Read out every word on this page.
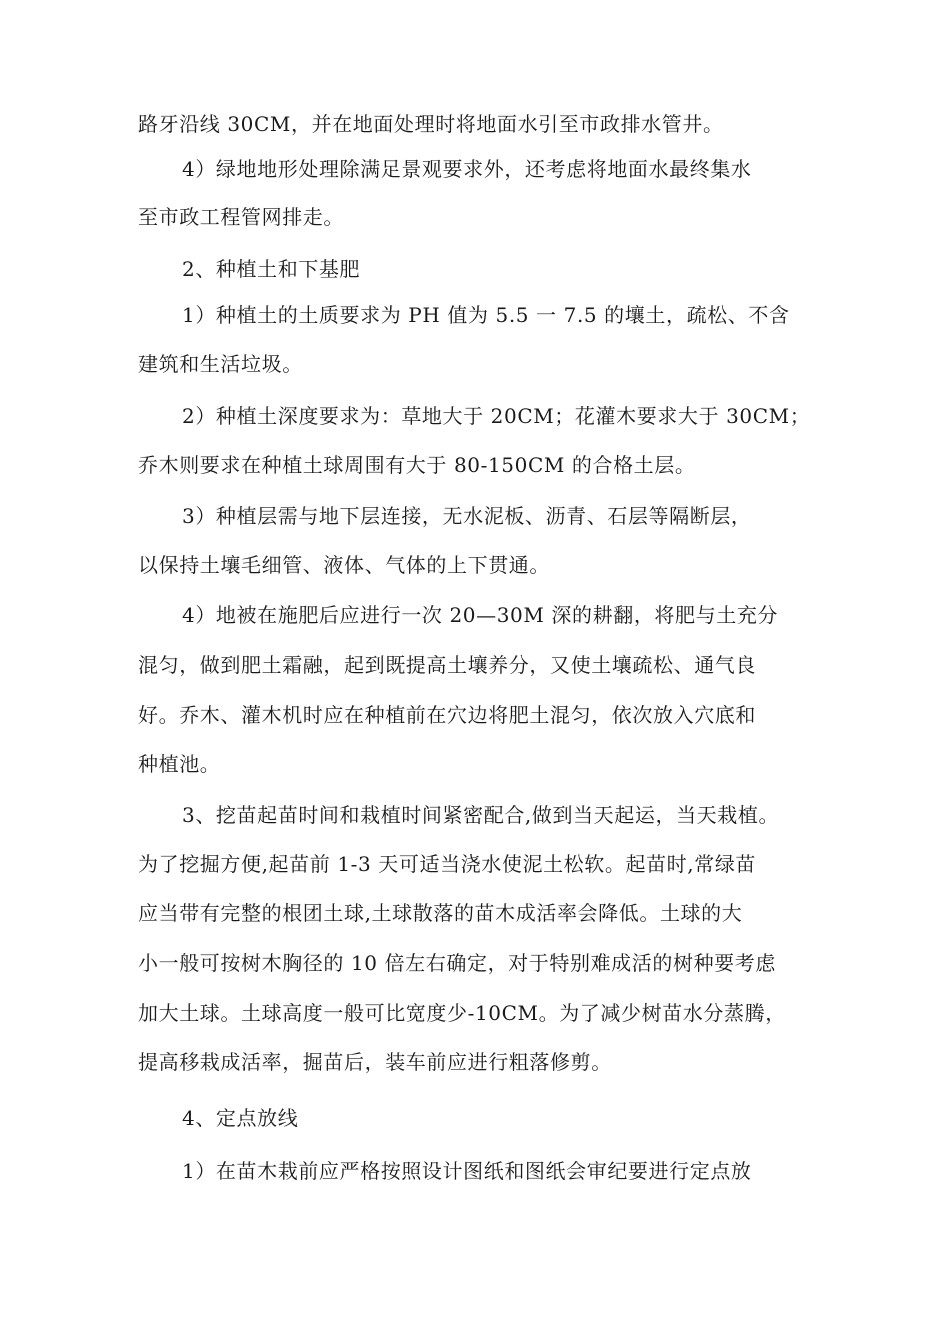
路牙沿线 30CM，并在地面处理时将地面水引至市政排水管井。
4）绿地地形处理除满足景观要求外，还考虑将地面水最终集水
至市政工程管网排走。
2、种植土和下基肥
1）种植土的土质要求为 PH 值为 5.5 一 7.5 的壤土，疏松、不含
建筑和生活垃圾。
2）种植土深度要求为：草地大于 20CM；花灌木要求大于 30CM；
乔木则要求在种植土球周围有大于 80-150CM 的合格土层。
3）种植层需与地下层连接，无水泥板、沥青、石层等隔断层，
以保持土壤毛细管、液体、气体的上下贯通。
4）地被在施肥后应进行一次 20—30M 深的耕翻，将肥与土充分
混匀，做到肥土霜融，起到既提高土壤养分，又使土壤疏松、通气良
好。乔木、灌木机时应在种植前在穴边将肥土混匀，依次放入穴底和
种植池。
3、挖苗起苗时间和栽植时间紧密配合,做到当天起运，当天栽植。
为了挖掘方便,起苗前 1-3 天可适当浇水使泥土松软。起苗时,常绿苗
应当带有完整的根团土球,土球散落的苗木成活率会降低。土球的大
小一般可按树木胸径的 10 倍左右确定，对于特别难成活的树种要考虑
加大土球。土球高度一般可比宽度少-10CM。为了减少树苗水分蒸腾，
提高移栽成活率，掘苗后，装车前应进行粗落修剪。
4、定点放线
1）在苗木栽前应严格按照设计图纸和图纸会审纪要进行定点放
